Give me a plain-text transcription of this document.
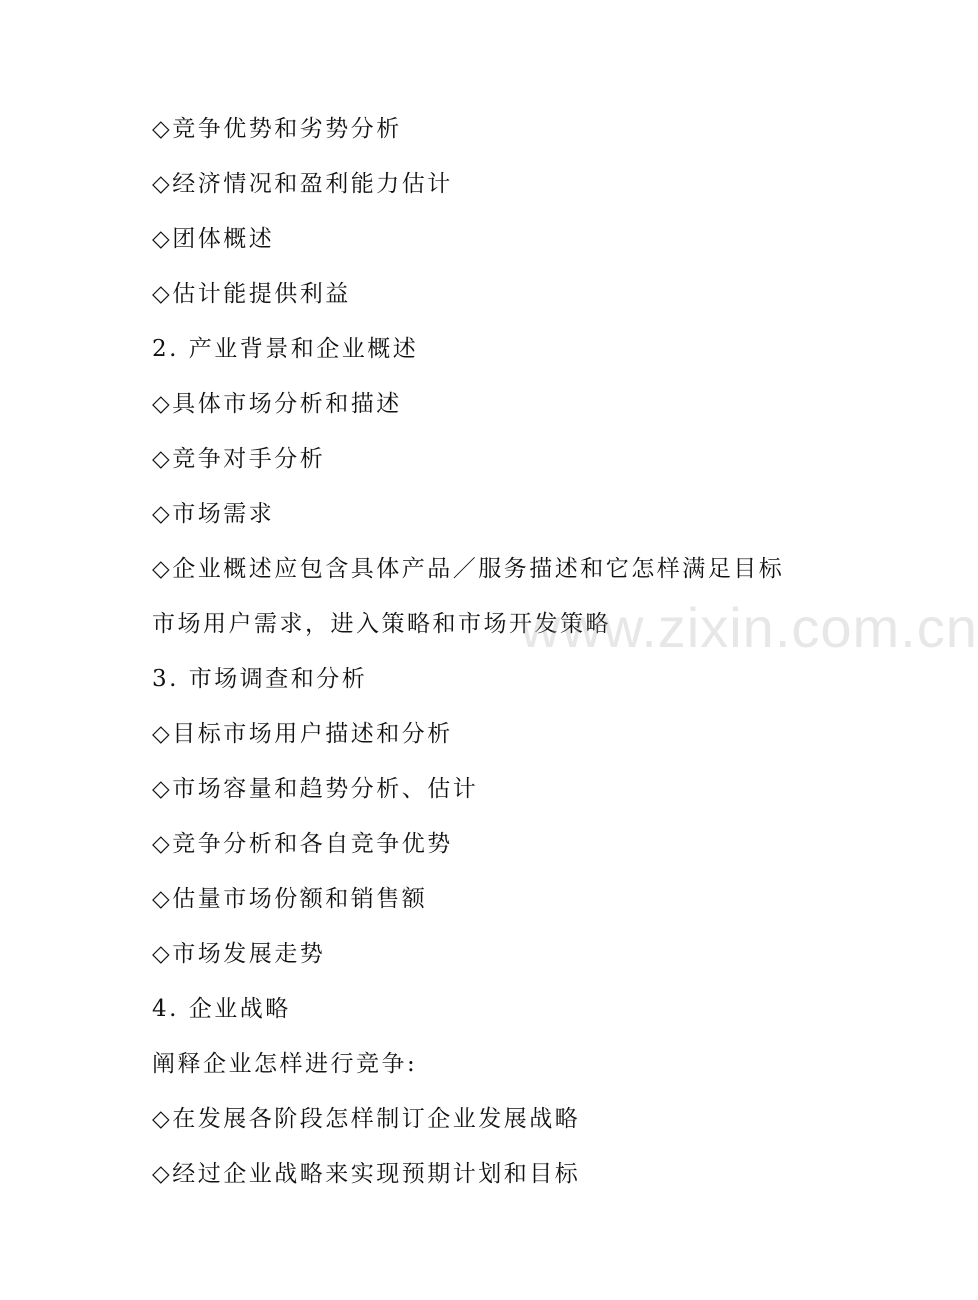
◇竞争优势和劣势分析
◇经济情况和盈利能力估计
◇团体概述
◇估计能提供利益
2. 产业背景和企业概述
◇具体市场分析和描述
◇竞争对手分析
◇市场需求
◇企业概述应包含具体产品／服务描述和它怎样满足目标
市场用户需求，进入策略和市场开发策略
3. 市场调查和分析
◇目标市场用户描述和分析
◇市场容量和趋势分析、估计
◇竞争分析和各自竞争优势
◇估量市场份额和销售额
◇市场发展走势
4. 企业战略
阐释企业怎样进行竞争:
◇在发展各阶段怎样制订企业发展战略
◇经过企业战略来实现预期计划和目标
www.zixin.com.cn
